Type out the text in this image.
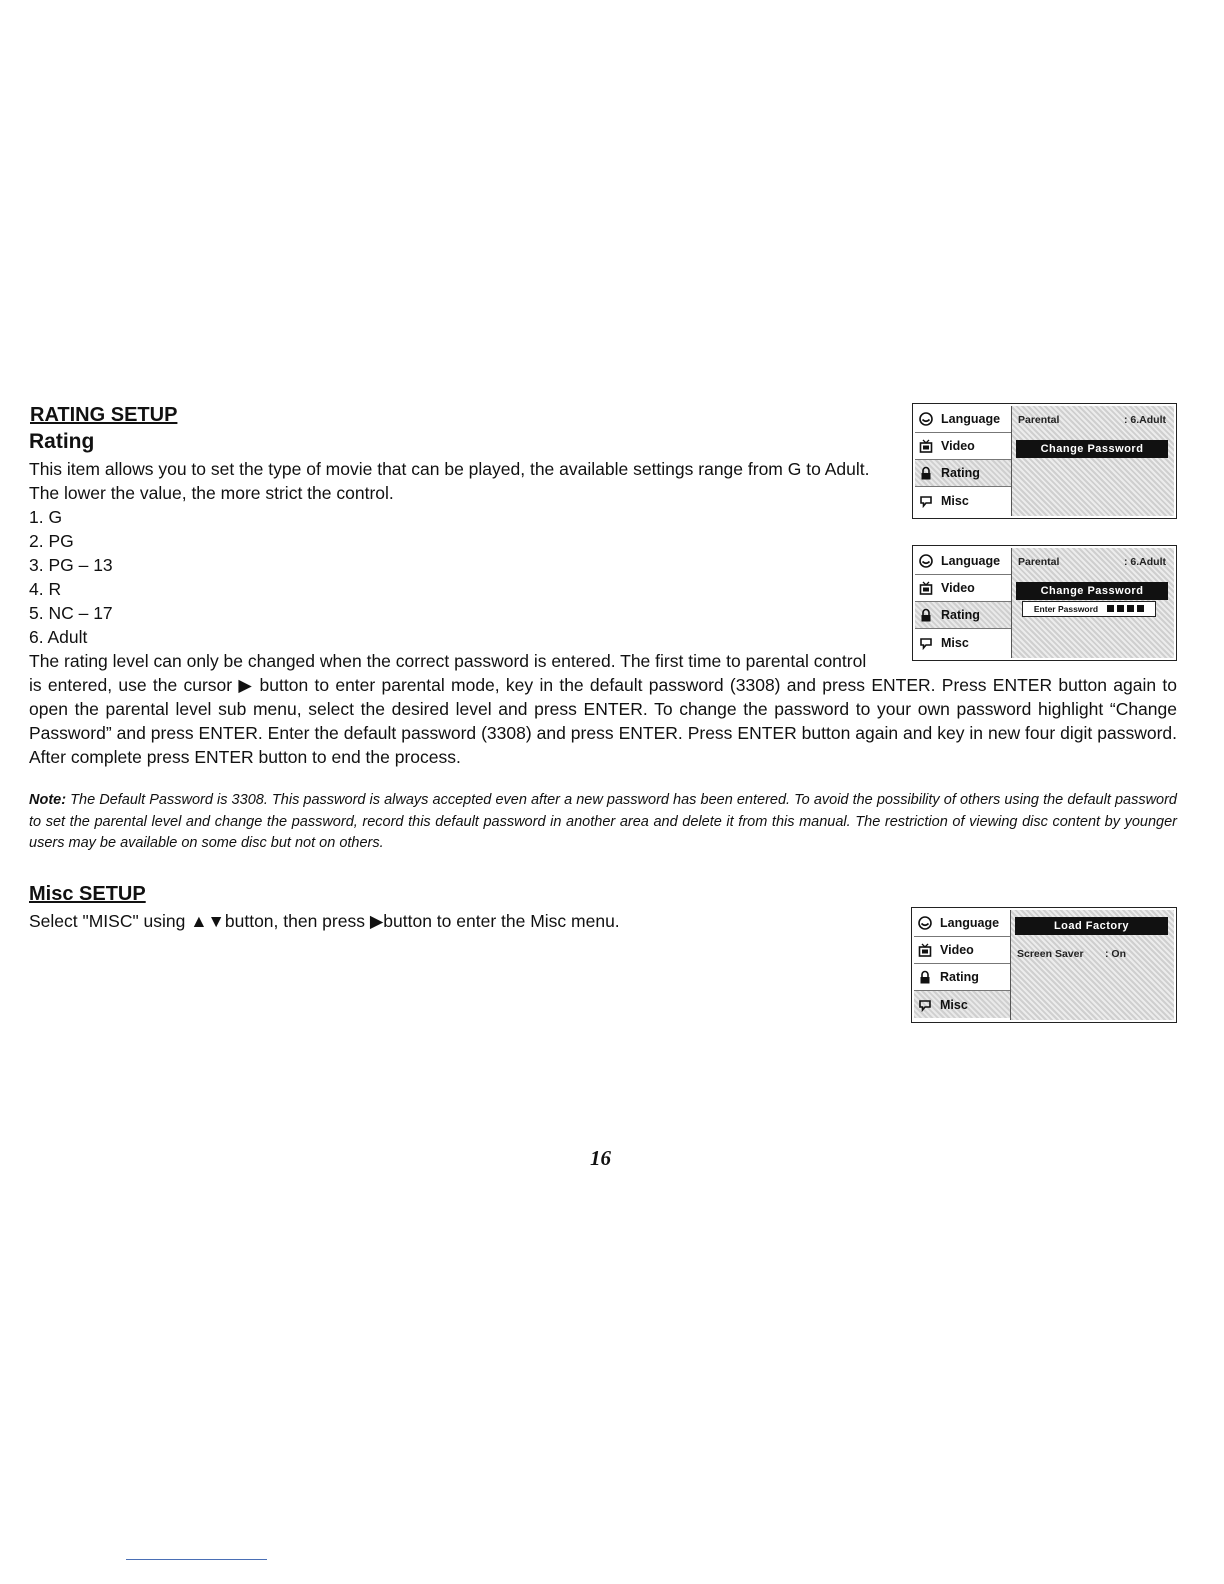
RATING SETUP
Rating
This item allows you to set the type of movie that can be played, the available settings range from G to Adult.
The lower the value, the more strict the control.
1. G
2. PG
3. PG – 13
4. R
5. NC – 17
6. Adult
The rating level can only be changed when the correct password is entered. The first time to parental control
is entered, use the cursor ▶ button to enter parental mode, key in the default password (3308) and press ENTER. Press ENTER button again to open the parental level sub menu, select the desired level and press ENTER. To change the password to your own password highlight “Change Password” and press ENTER. Enter the default password (3308) and press ENTER. Press ENTER button again and key in new four digit password. After complete press ENTER button to end the process.
Note: The Default Password is 3308. This password is always accepted even after a new password has been entered. To avoid the possibility of others using the default password to set the parental level and change the password, record this default password in another area and delete it from this manual. The restriction of viewing disc content by younger users may be available on some disc but not on others.
Misc SETUP
Select "MISC" using ▲▼button, then press ▶button to enter the Misc menu.
Language
Video
Rating
Misc
Parental	: 6.Adult
Change Password
Language
Video
Rating
Misc
Parental	: 6.Adult
Change Password
Enter Password
Language
Video
Rating
Misc
Load Factory
Screen Saver : On
16
